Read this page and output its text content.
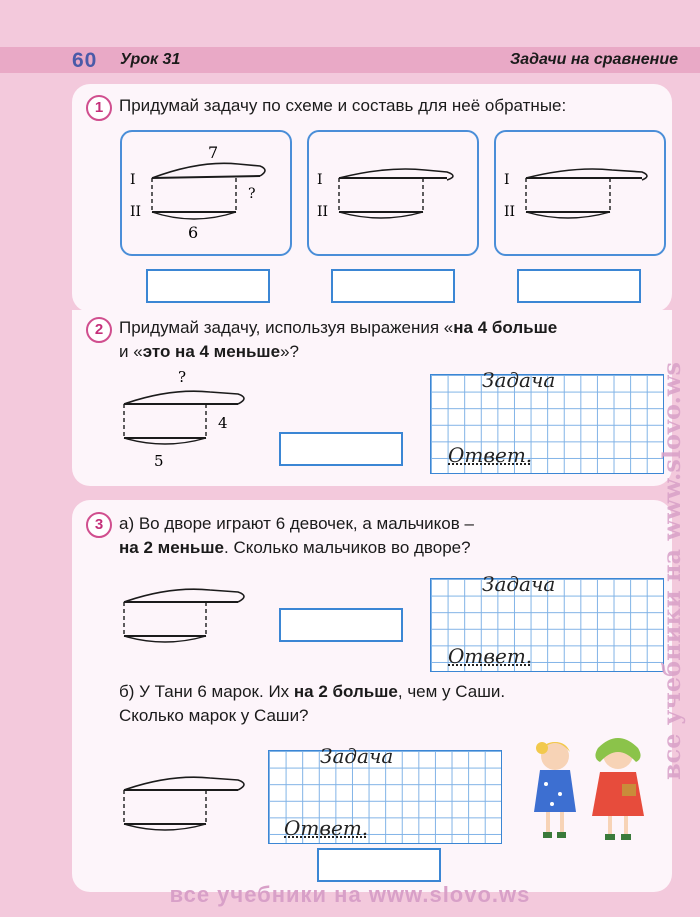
60 Урок 31	Задачи на сравнение
1 Придумай задачу по схеме и составь для неё обратные:
7
I
?
II
6
I
II
I
II
2 Придумай задачу, используя выражения «на 4 больше
и «это на 4 меньше»?
?
4
5
Задача
Ответ.
3 а) Во дворе играют 6 девочек, а мальчиков –
на 2 меньше. Сколько мальчиков во дворе?
Задача
Ответ.
б) У Тани 6 марок. Их на 2 больше, чем у Саши.
Сколько марок у Саши?
Задача
Ответ.
все учебники на www.slovo.ws
все учебники на www.slovo.ws
